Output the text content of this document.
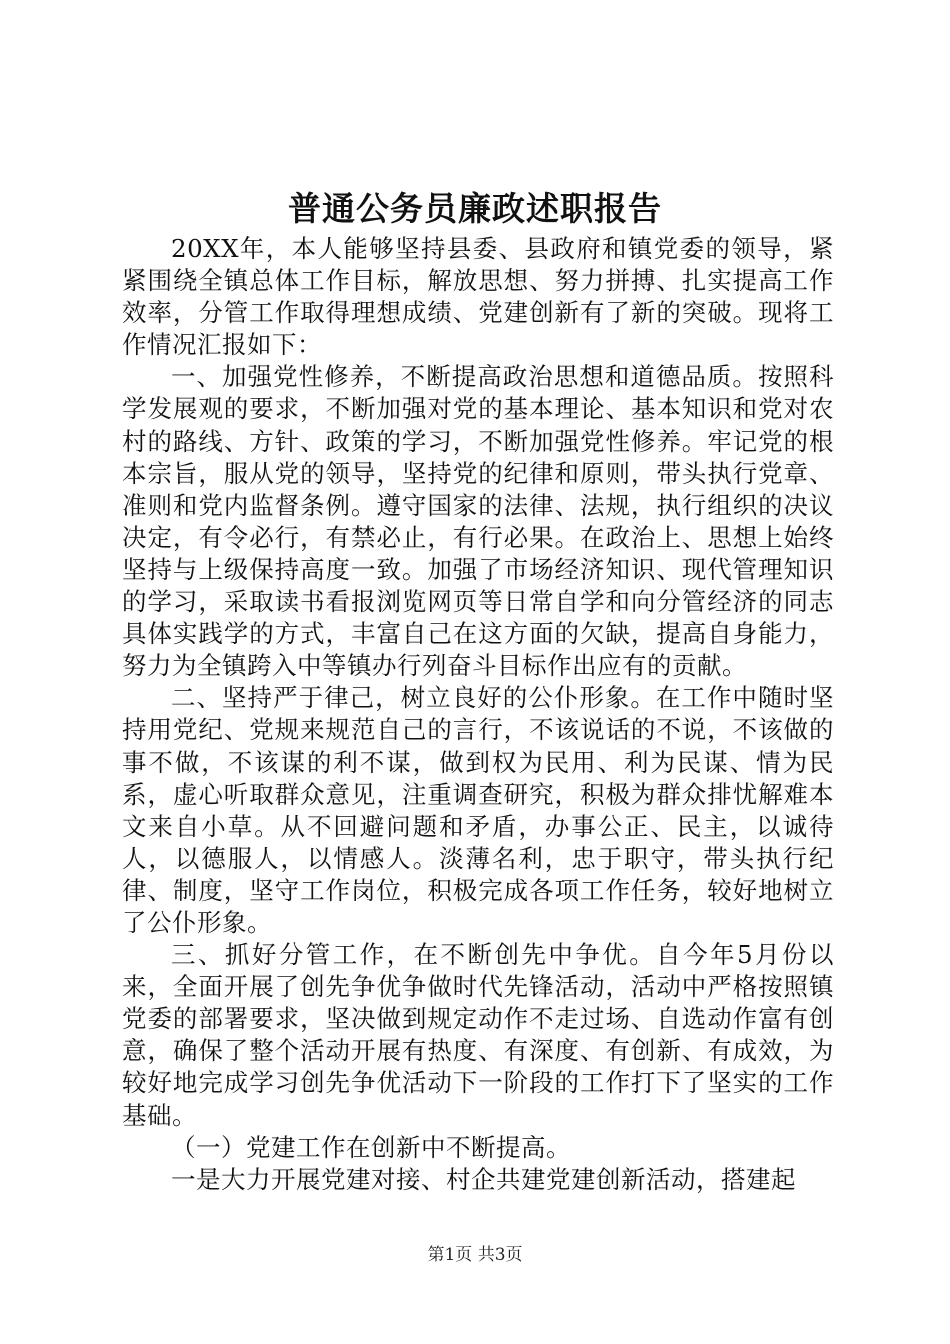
普通公务员廉政述职报告

20XX年，本人能够坚持县委、县政府和镇党委的领导，紧紧围绕全镇总体工作目标，解放思想、努力拼搏、扎实提高工作效率，分管工作取得理想成绩、党建创新有了新的突破。现将工作情况汇报如下：

一、加强党性修养，不断提高政治思想和道德品质。按照科学发展观的要求，不断加强对党的基本理论、基本知识和党对农村的路线、方针、政策的学习，不断加强党性修养。牢记党的根本宗旨，服从党的领导，坚持党的纪律和原则，带头执行党章、准则和党内监督条例。遵守国家的法律、法规，执行组织的决议决定，有令必行，有禁必止，有行必果。在政治上、思想上始终坚持与上级保持高度一致。加强了市场经济知识、现代管理知识的学习，采取读书看报浏览网页等日常自学和向分管经济的同志具体实践学的方式，丰富自己在这方面的欠缺，提高自身能力，努力为全镇跨入中等镇办行列奋斗目标作出应有的贡献。

二、坚持严于律己，树立良好的公仆形象。在工作中随时坚持用党纪、党规来规范自己的言行，不该说话的不说，不该做的事不做，不该谋的利不谋，做到权为民用、利为民谋、情为民系，虚心听取群众意见，注重调查研究，积极为群众排忧解难本文来自小草。从不回避问题和矛盾，办事公正、民主，以诚待人，以德服人，以情感人。淡薄名利，忠于职守，带头执行纪律、制度，坚守工作岗位，积极完成各项工作任务，较好地树立了公仆形象。

三、抓好分管工作，在不断创先中争优。自今年5月份以来，全面开展了创先争优争做时代先锋活动，活动中严格按照镇党委的部署要求，坚决做到规定动作不走过场、自选动作富有创意，确保了整个活动开展有热度、有深度、有创新、有成效，为较好地完成学习创先争优活动下一阶段的工作打下了坚实的工作基础。

（一）党建工作在创新中不断提高。

一是大力开展党建对接、村企共建党建创新活动，搭建起

第1页 共3页
